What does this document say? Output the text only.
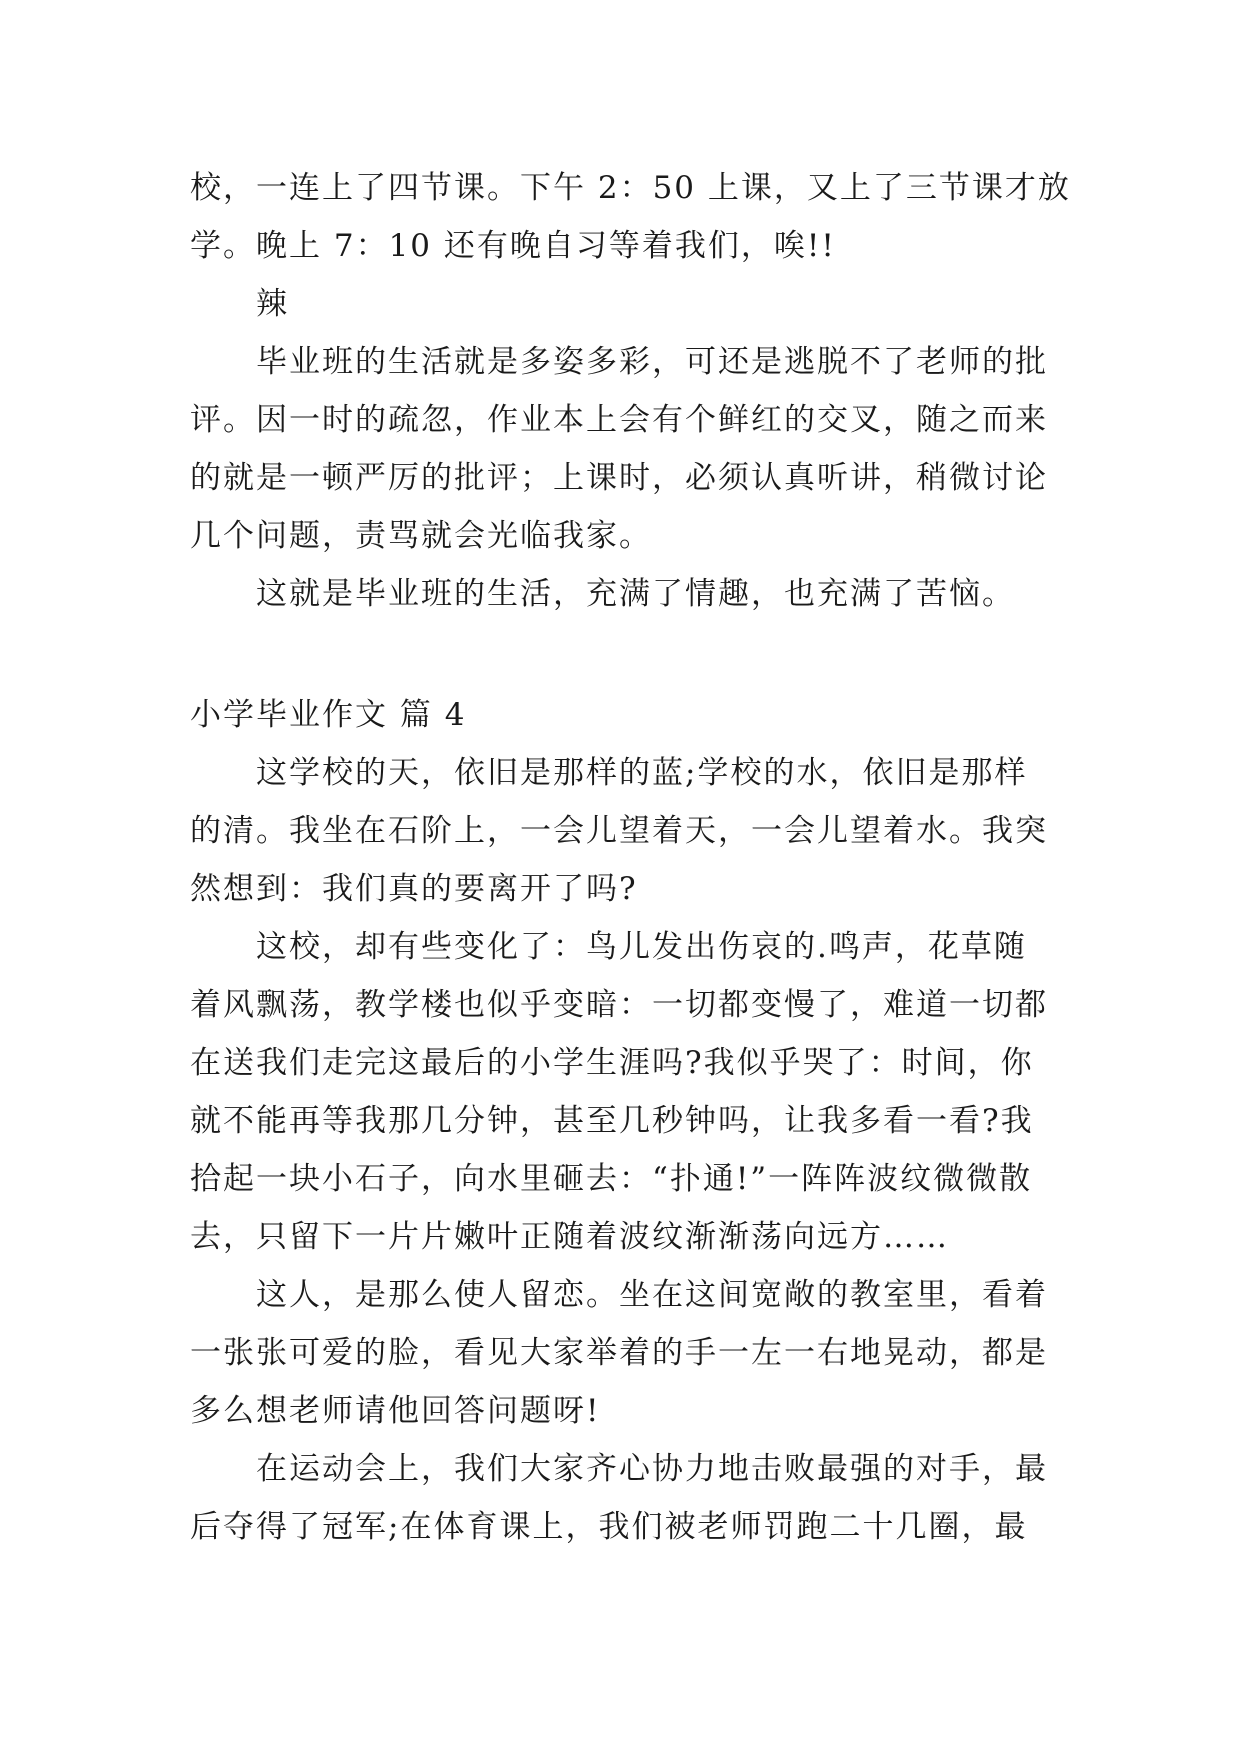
校，一连上了四节课。下午 2：50 上课，又上了三节课才放
学。晚上 7：10 还有晚自习等着我们，唉!!
辣
毕业班的生活就是多姿多彩，可还是逃脱不了老师的批
评。因一时的疏忽，作业本上会有个鲜红的交叉，随之而来
的就是一顿严厉的批评；上课时，必须认真听讲，稍微讨论
几个问题，责骂就会光临我家。
这就是毕业班的生活，充满了情趣，也充满了苦恼。
小学毕业作文 篇 4
这学校的天，依旧是那样的蓝;学校的水，依旧是那样
的清。我坐在石阶上，一会儿望着天，一会儿望着水。我突
然想到：我们真的要离开了吗?
这校，却有些变化了：鸟儿发出伤哀的.鸣声，花草随
着风飘荡，教学楼也似乎变暗：一切都变慢了，难道一切都
在送我们走完这最后的小学生涯吗?我似乎哭了：时间，你
就不能再等我那几分钟，甚至几秒钟吗，让我多看一看?我
拾起一块小石子，向水里砸去：“扑通!”一阵阵波纹微微散
去，只留下一片片嫩叶正随着波纹渐渐荡向远方……
这人，是那么使人留恋。坐在这间宽敞的教室里，看着
一张张可爱的脸，看见大家举着的手一左一右地晃动，都是
多么想老师请他回答问题呀!
在运动会上，我们大家齐心协力地击败最强的对手，最
后夺得了冠军;在体育课上，我们被老师罚跑二十几圈，最
